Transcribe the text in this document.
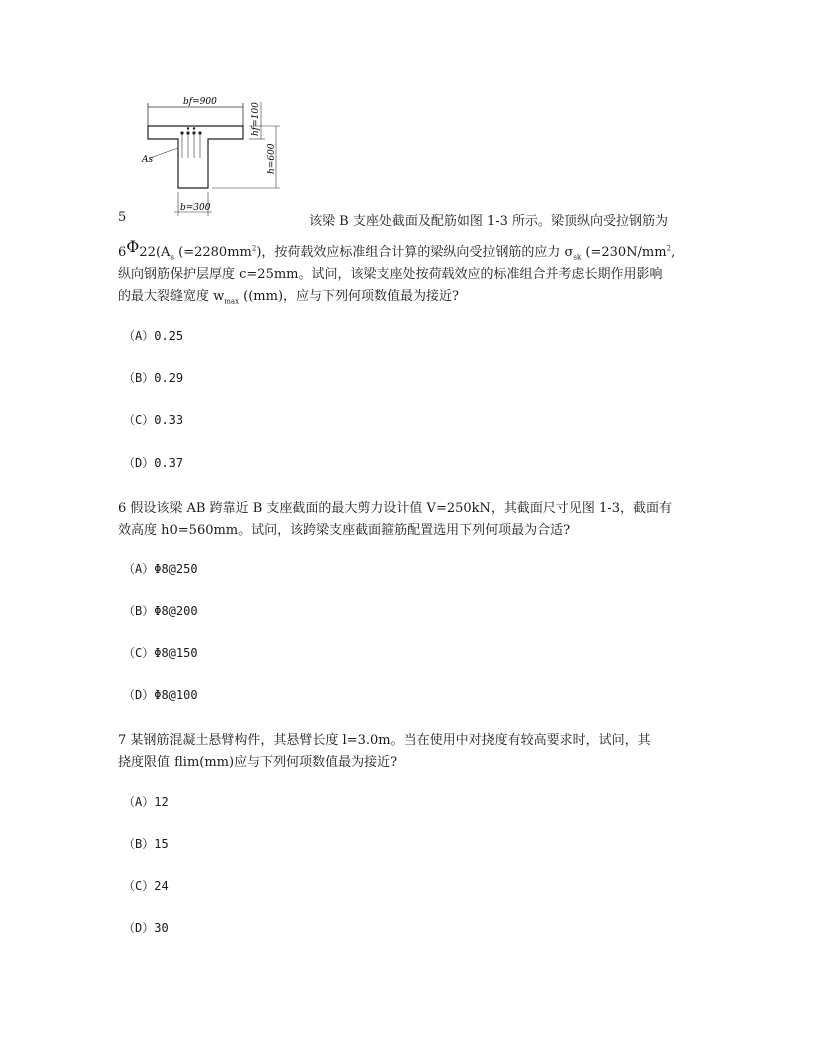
bf=900
As
hf=100
h=600
b=300
5	该梁 B 支座处截面及配筋如图 1-3 所示。梁顶纵向受拉钢筋为
$6\Phi 22(A_s$ $(=2280mm^2)$，按荷载效应标准组合计算的梁纵向受拉钢筋的应力 $\sigma_{sk}$ ($=230N/mm^2$,
纵向钢筋保护层厚度 c=25mm。试问，该梁支座处按荷载效应的标准组合并考虑长期作用影响
的最大裂缝宽度 $w_{max}$ ((mm)，应与下列何项数值最为接近?
（A）0.25
（B）0.29
（C）0.33
（D）0.37
6 假设该梁 AB 跨靠近 B 支座截面的最大剪力设计值 V=250kN，其截面尺寸见图 1-3，截面有
效高度 h0=560mm。试问，该跨梁支座截面箍筋配置选用下列何项最为合适?
（A）Φ8@250
（B）Φ8@200
（C）Φ8@150
（D）Φ8@100
7 某钢筋混凝土悬臂构件，其悬臂长度 l=3.0m。当在使用中对挠度有较高要求时，试问，其
挠度限值 flim(mm)应与下列何项数值最为接近?
（A）12
（B）15
（C）24
（D）30
